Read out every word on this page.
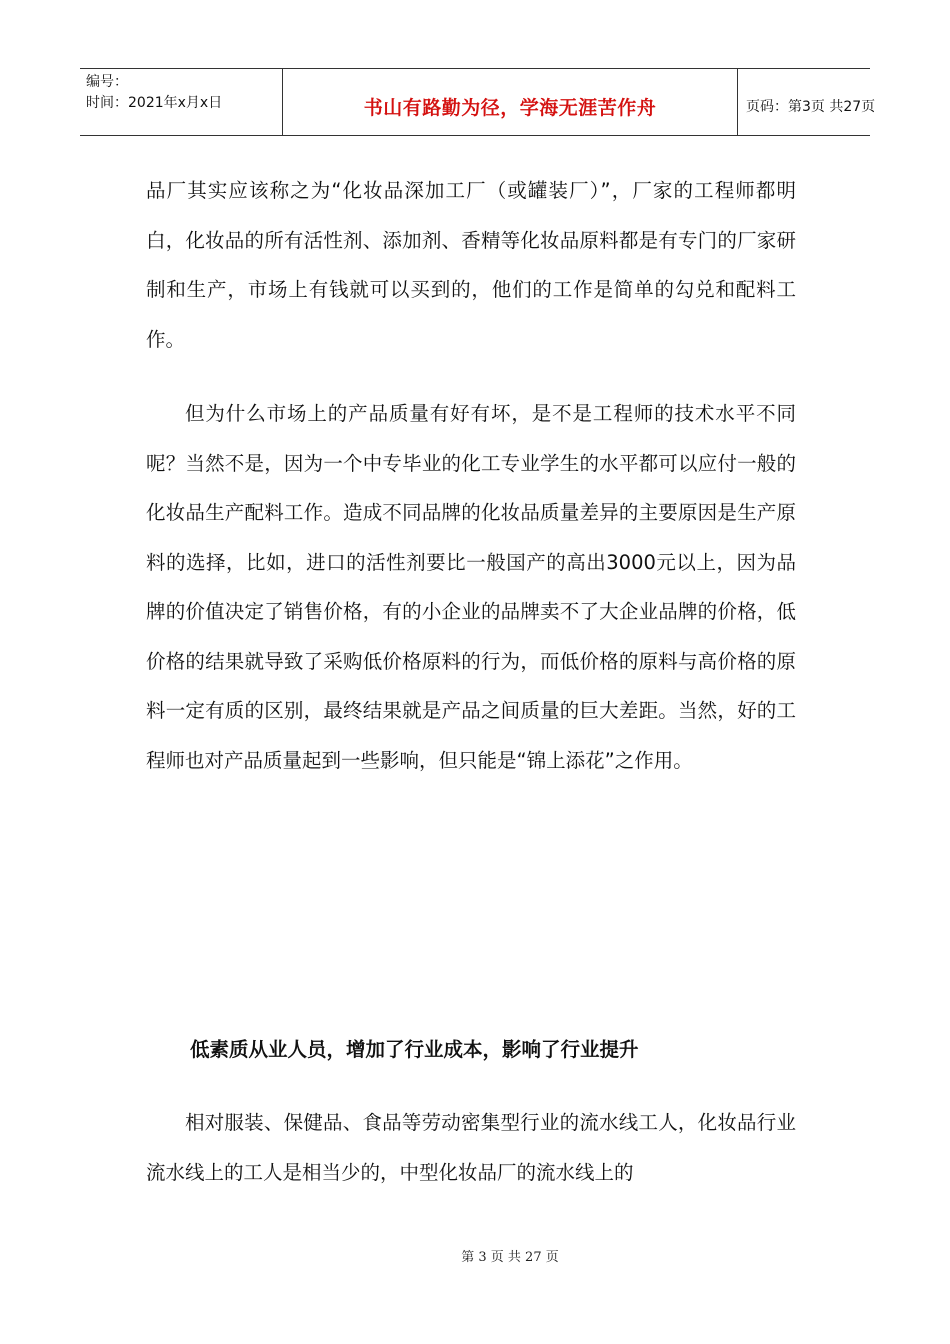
编号：
时间：2021年x月x日	书山有路勤为径，学海无涯苦作舟	页码：第3页 共27页

品厂其实应该称之为“化妆品深加工厂（或罐装厂）”，厂家的工程师都明白，化妆品的所有活性剂、添加剂、香精等化妆品原料都是有专门的厂家研制和生产，市场上有钱就可以买到的，他们的工作是简单的勾兑和配料工作。

但为什么市场上的产品质量有好有坏，是不是工程师的技术水平不同呢？当然不是，因为一个中专毕业的化工专业学生的水平都可以应付一般的化妆品生产配料工作。造成不同品牌的化妆品质量差异的主要原因是生产原料的选择，比如，进口的活性剂要比一般国产的高出3000元以上，因为品牌的价值决定了销售价格，有的小企业的品牌卖不了大企业品牌的价格，低价格的结果就导致了采购低价格原料的行为，而低价格的原料与高价格的原料一定有质的区别，最终结果就是产品之间质量的巨大差距。当然，好的工程师也对产品质量起到一些影响，但只能是“锦上添花”之作用。

低素质从业人员，增加了行业成本，影响了行业提升

相对服装、保健品、食品等劳动密集型行业的流水线工人，化妆品行业流水线上的工人是相当少的，中型化妆品厂的流水线上的

第 3 页 共 27 页
